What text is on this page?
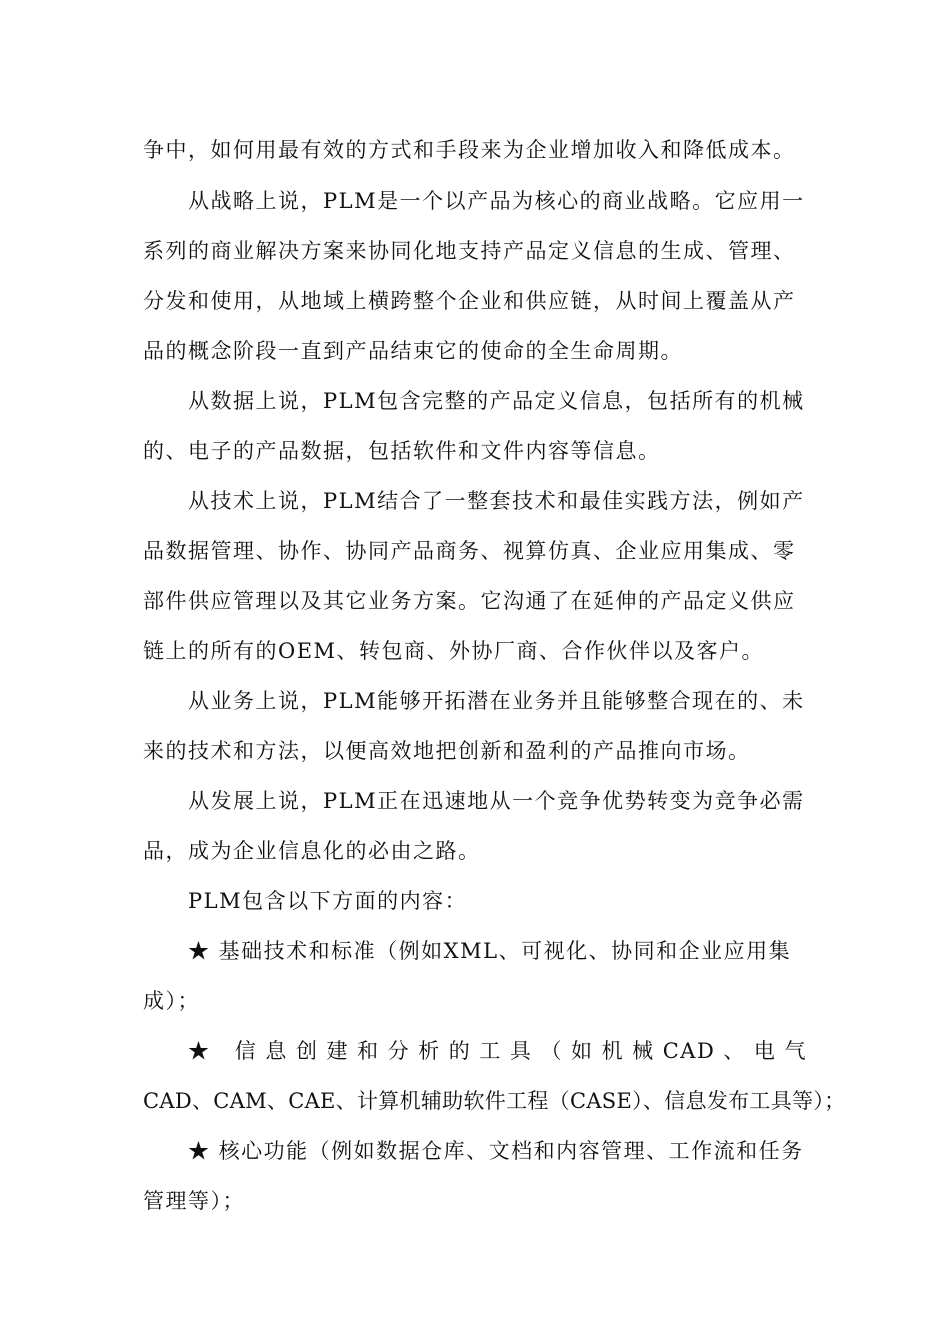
争中，如何用最有效的方式和手段来为企业增加收入和降低成本。
从战略上说，PLM是一个以产品为核心的商业战略。它应用一
系列的商业解决方案来协同化地支持产品定义信息的生成、管理、
分发和使用，从地域上横跨整个企业和供应链，从时间上覆盖从产
品的概念阶段一直到产品结束它的使命的全生命周期。
从数据上说，PLM包含完整的产品定义信息，包括所有的机械
的、电子的产品数据，包括软件和文件内容等信息。
从技术上说，PLM结合了一整套技术和最佳实践方法，例如产
品数据管理、协作、协同产品商务、视算仿真、企业应用集成、零
部件供应管理以及其它业务方案。它沟通了在延伸的产品定义供应
链上的所有的OEM、转包商、外协厂商、合作伙伴以及客户。
从业务上说，PLM能够开拓潜在业务并且能够整合现在的、未
来的技术和方法，以便高效地把创新和盈利的产品推向市场。
从发展上说，PLM正在迅速地从一个竞争优势转变为竞争必需
品，成为企业信息化的必由之路。
PLM包含以下方面的内容：
★ 基础技术和标准（例如XML、可视化、协同和企业应用集
成）；
★ 信息创建和分析的工具（如机械CAD、电气
CAD、CAM、CAE、计算机辅助软件工程（CASE）、信息发布工具等）；
★ 核心功能（例如数据仓库、文档和内容管理、工作流和任务
管理等）；
